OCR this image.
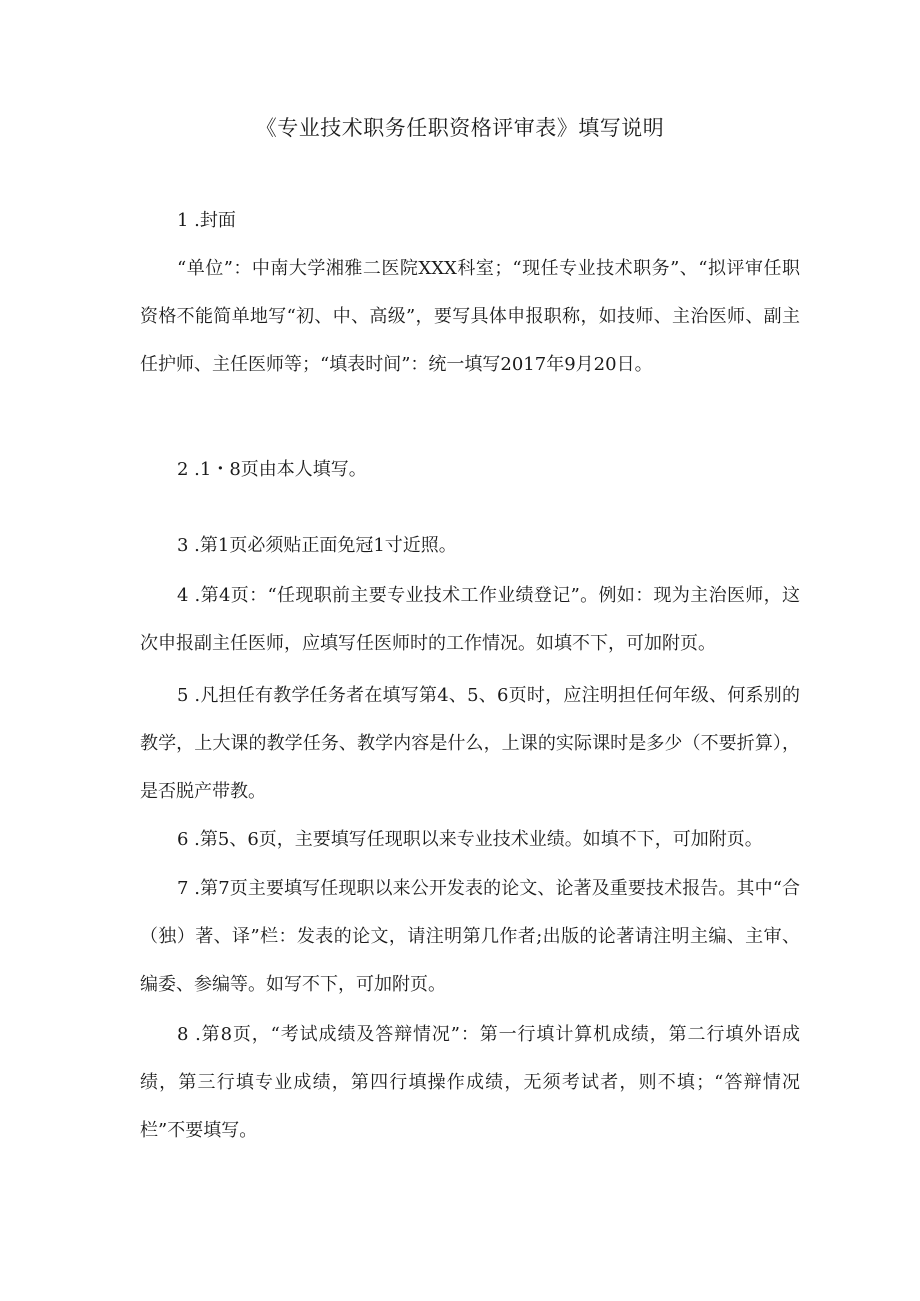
《专业技术职务任职资格评审表》填写说明

1 .封面

“单位”：中南大学湘雅二医院XXX科室；“现任专业技术职务”、“拟评审任职资格不能简单地写“初、中、高级”，要写具体申报职称，如技师、主治医师、副主任护师、主任医师等；“填表时间”：统一填写2017年9月20日。

2 .1・8页由本人填写。

3 .第1页必须贴正面免冠1寸近照。

4 .第4页：“任现职前主要专业技术工作业绩登记”。例如：现为主治医师，这次申报副主任医师，应填写任医师时的工作情况。如填不下，可加附页。

5 .凡担任有教学任务者在填写第4、5、6页时，应注明担任何年级、何系别的教学，上大课的教学任务、教学内容是什么，上课的实际课时是多少（不要折算），是否脱产带教。

6 .第5、6页，主要填写任现职以来专业技术业绩。如填不下，可加附页。

7 .第7页主要填写任现职以来公开发表的论文、论著及重要技术报告。其中“合（独）著、译”栏：发表的论文，请注明第几作者;出版的论著请注明主编、主审、编委、参编等。如写不下，可加附页。

8 .第8页，“考试成绩及答辩情况”：第一行填计算机成绩，第二行填外语成绩，第三行填专业成绩，第四行填操作成绩，无须考试者，则不填；“答辩情况栏”不要填写。
